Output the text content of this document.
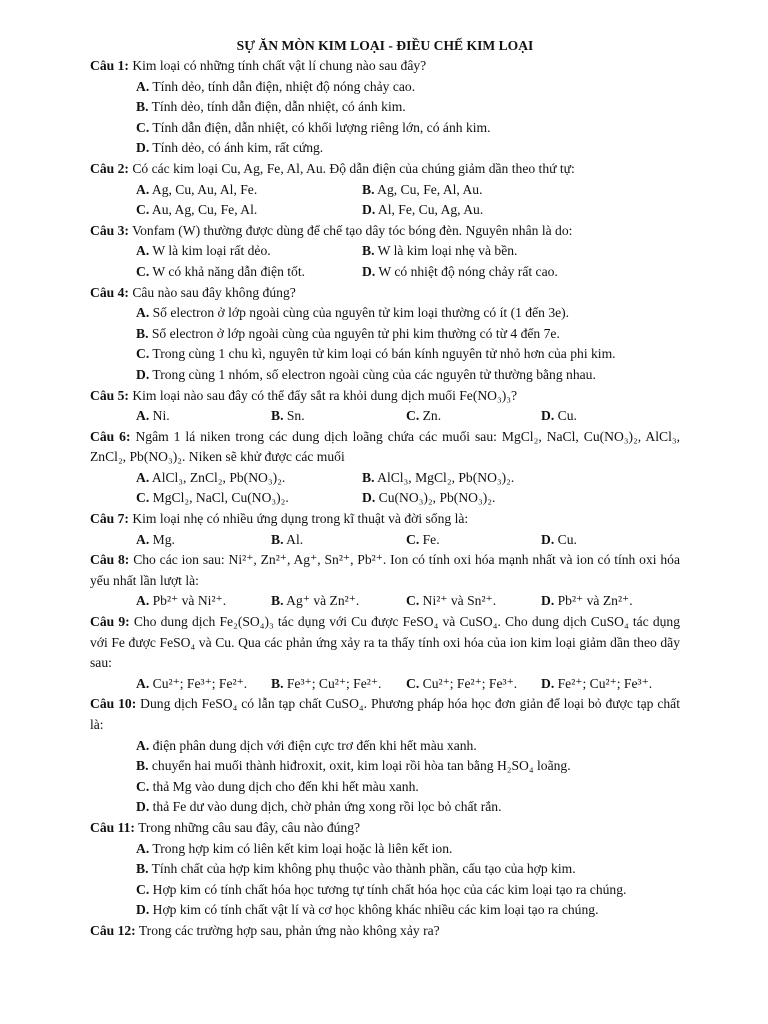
SỰ ĂN MÒN KIM LOẠI - ĐIỀU CHẾ KIM LOẠI

Câu 1: Kim loại có những tính chất vật lí chung nào sau đây?
A. Tính dẻo, tính dẫn điện, nhiệt độ nóng chảy cao.
B. Tính dẻo, tính dẫn điện, dẫn nhiệt, có ánh kim.
C. Tính dẫn điện, dẫn nhiệt, có khối lượng riêng lớn, có ánh kim.
D. Tính dẻo, có ánh kim, rất cứng.
Câu 2: Có các kim loại Cu, Ag, Fe, Al, Au. Độ dẫn điện của chúng giảm dần theo thứ tự:
A. Ag, Cu, Au, Al, Fe.	B. Ag, Cu, Fe, Al, Au.
C. Au, Ag, Cu, Fe, Al.	D. Al, Fe, Cu, Ag, Au.
Câu 3: Vonfam (W) thường được dùng để chế tạo dây tóc bóng đèn. Nguyên nhân là do:
A. W là kim loại rất dẻo.	B. W là kim loại nhẹ và bền.
C. W có khả năng dẫn điện tốt.	D. W có nhiệt độ nóng chảy rất cao.
Câu 4: Câu nào sau đây không đúng?
A. Số electron ở lớp ngoài cùng của nguyên tử kim loại thường có ít (1 đến 3e).
B. Số electron ở lớp ngoài cùng của nguyên tử phi kim thường có từ 4 đến 7e.
C. Trong cùng 1 chu kì, nguyên tử kim loại có bán kính nguyên tử nhỏ hơn của phi kim.
D. Trong cùng 1 nhóm, số electron ngoài cùng của các nguyên tử thường bằng nhau.
Câu 5: Kim loại nào sau đây có thể đẩy sắt ra khỏi dung dịch muối Fe(NO₃)₃?
A. Ni.	B. Sn.	C. Zn.	D. Cu.
Câu 6: Ngâm 1 lá niken trong các dung dịch loãng chứa các muối sau: MgCl₂, NaCl, Cu(NO₃)₂, AlCl₃, ZnCl₂, Pb(NO₃)₂. Niken sẽ khử được các muối
A. AlCl₃, ZnCl₂, Pb(NO₃)₂.	B. AlCl₃, MgCl₂, Pb(NO₃)₂.
C. MgCl₂, NaCl, Cu(NO₃)₂.	D. Cu(NO₃)₂, Pb(NO₃)₂.
Câu 7: Kim loại nhẹ có nhiều ứng dụng trong kĩ thuật và đời sống là:
A. Mg.	B. Al.	C. Fe.	D. Cu.
Câu 8: Cho các ion sau: Ni²⁺, Zn²⁺, Ag⁺, Sn²⁺, Pb²⁺. Ion có tính oxi hóa mạnh nhất và ion có tính oxi hóa yếu nhất lần lượt là:
A. Pb²⁺ và Ni²⁺.	B. Ag⁺ và Zn²⁺.	C. Ni²⁺ và Sn²⁺.	D. Pb²⁺ và Zn²⁺.
Câu 9: Cho dung dịch Fe₂(SO₄)₃ tác dụng với Cu được FeSO₄ và CuSO₄. Cho dung dịch CuSO₄ tác dụng với Fe được FeSO₄ và Cu. Qua các phản ứng xảy ra ta thấy tính oxi hóa của ion kim loại giảm dần theo dãy sau:
A. Cu²⁺; Fe³⁺; Fe²⁺.	B. Fe³⁺; Cu²⁺; Fe²⁺.	C. Cu²⁺; Fe²⁺; Fe³⁺.	D. Fe²⁺; Cu²⁺; Fe³⁺.
Câu 10: Dung dịch FeSO₄ có lẫn tạp chất CuSO₄. Phương pháp hóa học đơn giản để loại bỏ được tạp chất là:
A. điện phân dung dịch với điện cực trơ đến khi hết màu xanh.
B. chuyển hai muối thành hiđroxit, oxit, kim loại rồi hòa tan bằng H₂SO₄ loãng.
C. thả Mg vào dung dịch cho đến khi hết màu xanh.
D. thả Fe dư vào dung dịch, chờ phản ứng xong rồi lọc bỏ chất rắn.
Câu 11: Trong những câu sau đây, câu nào đúng?
A. Trong hợp kim có liên kết kim loại hoặc là liên kết ion.
B. Tính chất của hợp kim không phụ thuộc vào thành phần, cấu tạo của hợp kim.
C. Hợp kim có tính chất hóa học tương tự tính chất hóa học của các kim loại tạo ra chúng.
D. Hợp kim có tính chất vật lí và cơ học không khác nhiều các kim loại tạo ra chúng.
Câu 12: Trong các trường hợp sau, phản ứng nào không xảy ra?
